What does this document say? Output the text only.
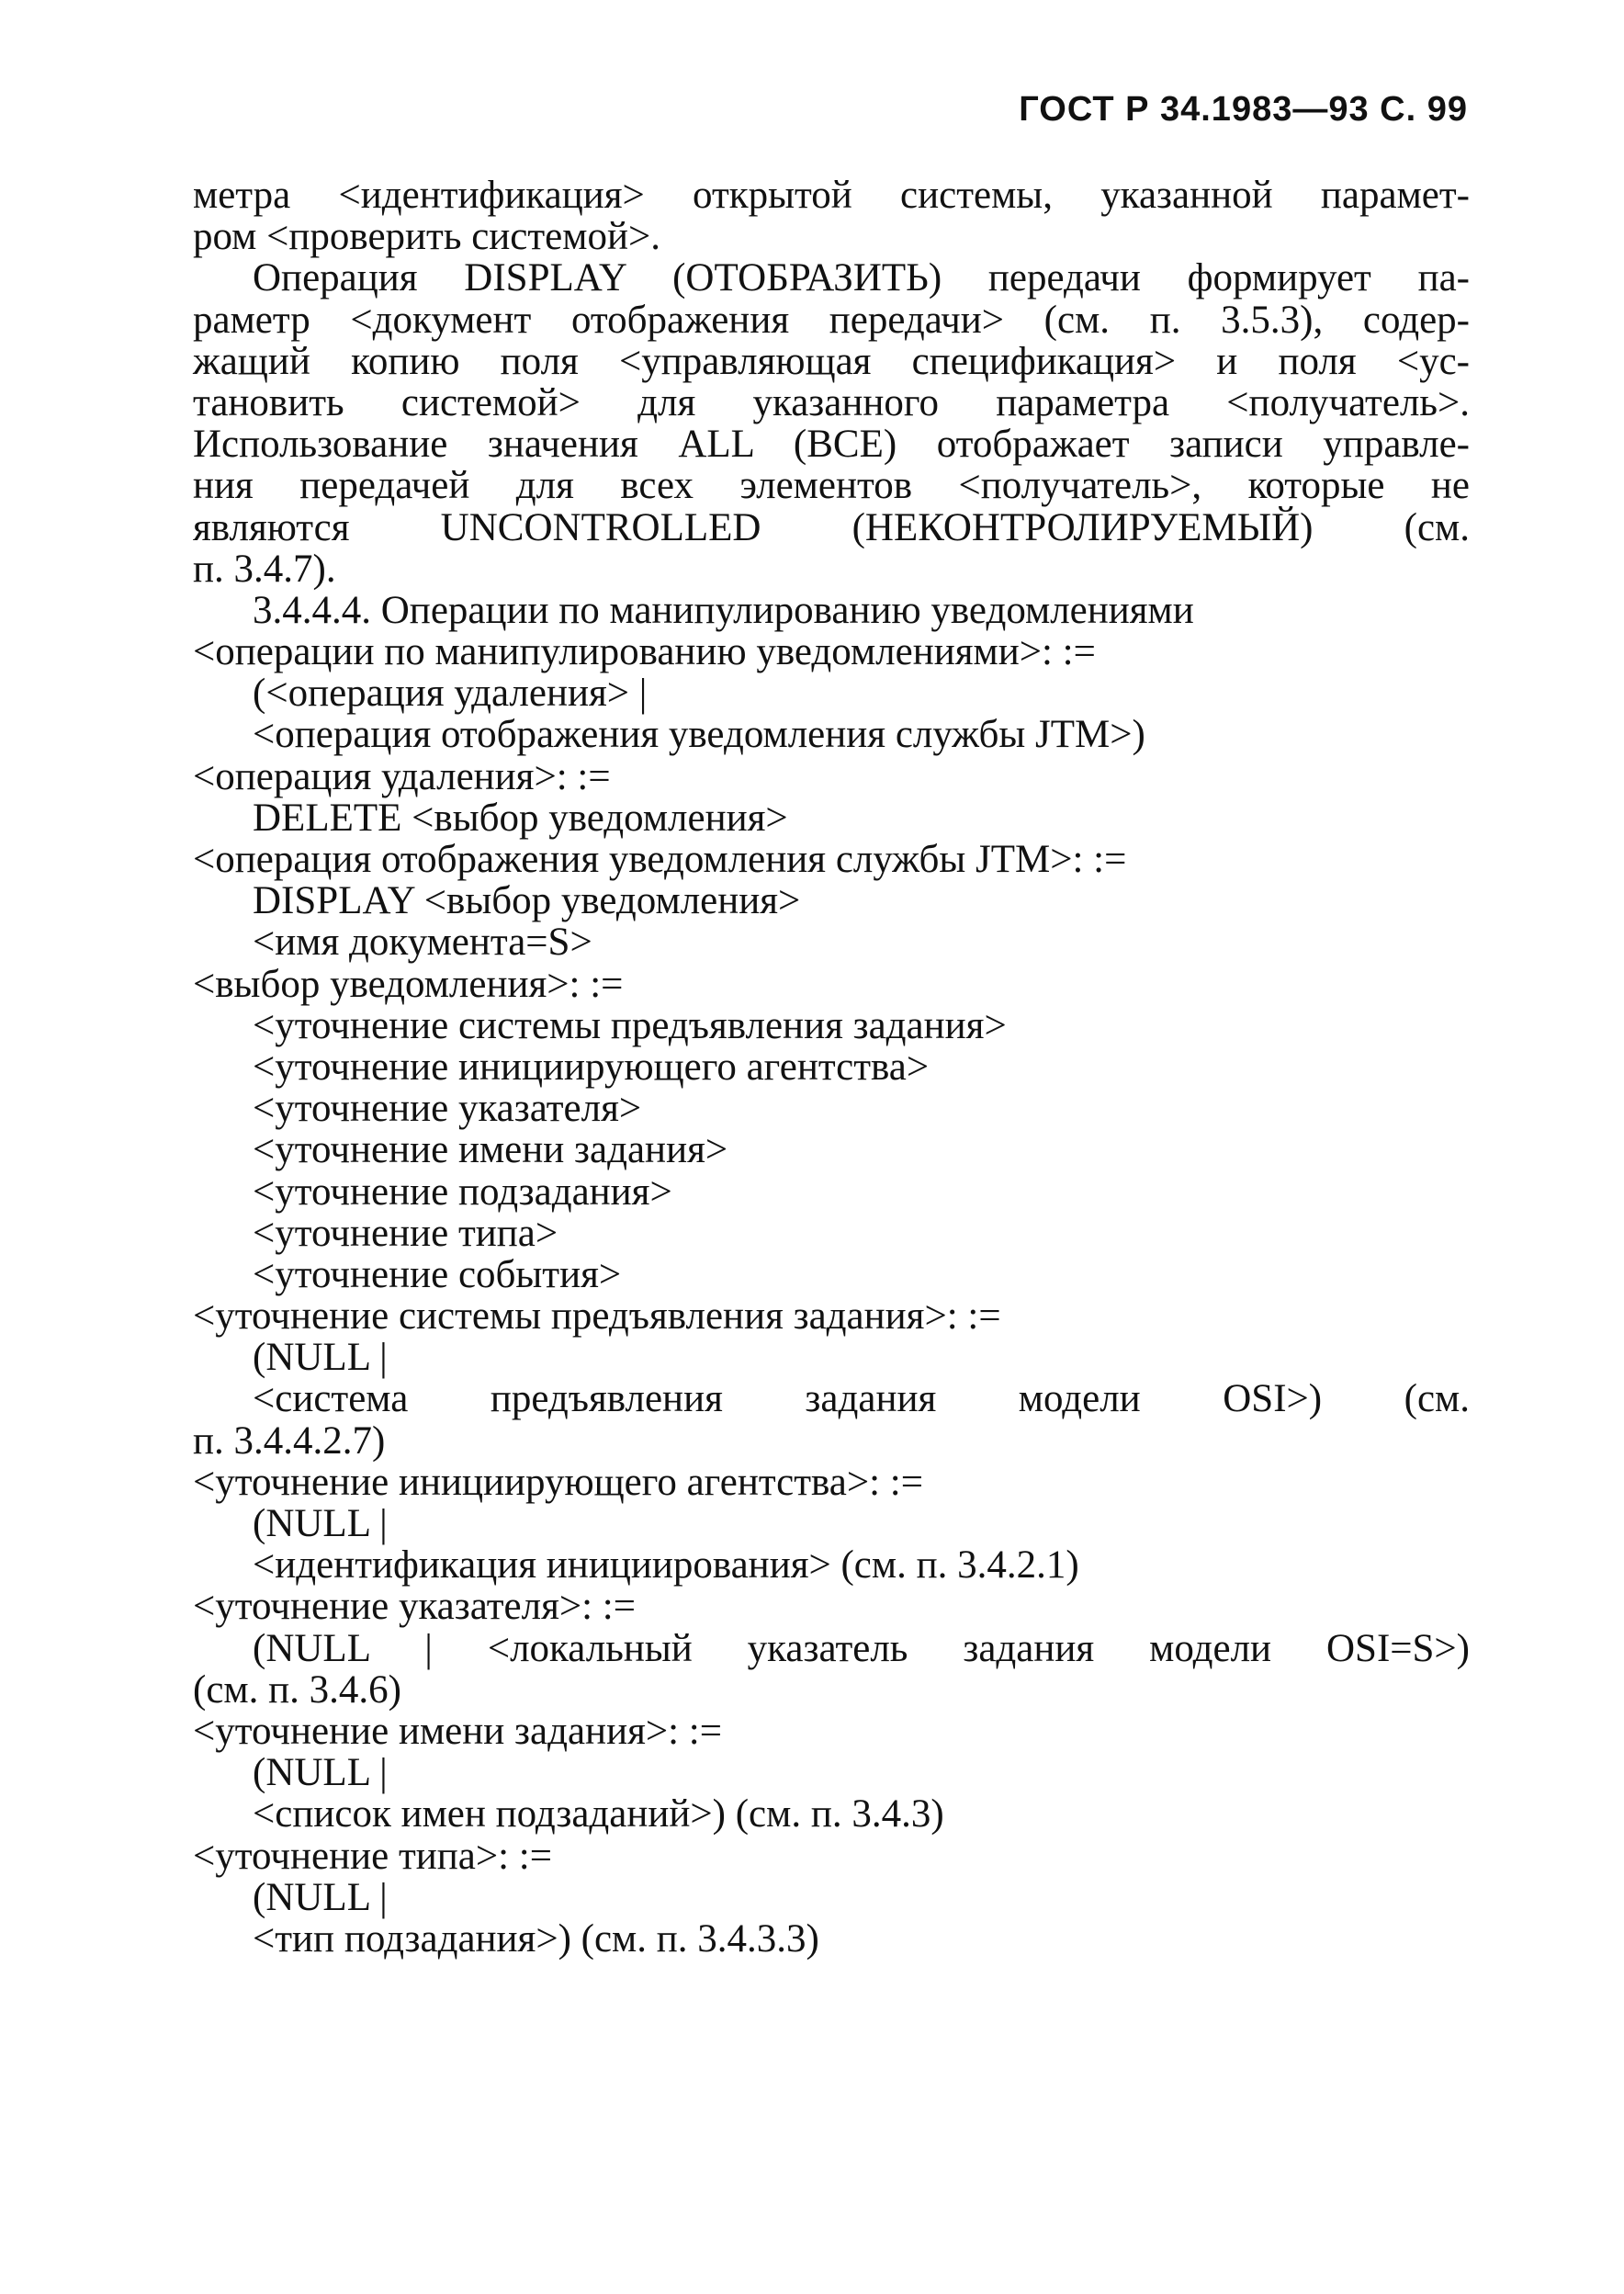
ГОСТ Р 34.1983—93 С. 99
метра <идентификация> открытой системы, указанной парамет-
ром <проверить системой>.
Операция DISPLAY (ОТОБРАЗИТЬ) передачи формирует па-
раметр <документ отображения передачи> (см. п. 3.5.3), содер-
жащий копию поля <управляющая спецификация> и поля <ус-
тановить системой> для указанного параметра <получатель>.
Использование значения ALL (ВСЕ) отображает записи управле-
ния передачей для всех элементов <получатель>, которые не
являются UNCONTROLLED (НЕКОНТРОЛИРУЕМЫЙ) (см.
п. 3.4.7).
3.4.4.4. Операции по манипулированию уведомлениями
<операции по манипулированию уведомлениями>: :=
(<операция удаления> |
<операция отображения уведомления службы JTM>)
<операция удаления>: :=
DELETE <выбор уведомления>
<операция отображения уведомления службы JTM>: :=
DISPLAY <выбор уведомления>
<имя документа=S>
<выбор уведомления>: :=
<уточнение системы предъявления задания>
<уточнение инициирующего агентства>
<уточнение указателя>
<уточнение имени задания>
<уточнение подзадания>
<уточнение типа>
<уточнение события>
<уточнение системы предъявления задания>: :=
(NULL |
<система предъявления задания модели OSI>) (см.
п. 3.4.4.2.7)
<уточнение инициирующего агентства>: :=
(NULL |
<идентификация инициирования> (см. п. 3.4.2.1)
<уточнение указателя>: :=
(NULL | <локальный указатель задания модели OSI=S>)
(см. п. 3.4.6)
<уточнение имени задания>: :=
(NULL |
<список имен подзаданий>) (см. п. 3.4.3)
<уточнение типа>: :=
(NULL |
<тип подзадания>) (см. п. 3.4.3.3)
